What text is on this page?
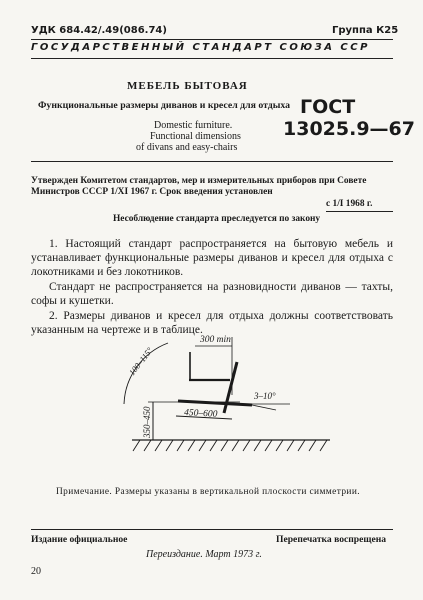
УДК 684.42/.49(086.74)	Группа К25
ГОСУДАРСТВЕННЫЙ СТАНДАРТ СОЮЗА ССР
МЕБЕЛЬ БЫТОВАЯ
Функциональные размеры диванов и кресел для отдыха
Domestic furniture.
Functional dimensions
of divans and easy-chairs
ГОСТ
13025.9—67
Утвержден Комитетом стандартов, мер и измерительных приборов при Совете
Министров СССР 1/XI 1967 г. Срок введения установлен
с 1/I 1968 г.
Несоблюдение стандарта преследуется по закону
1. Настоящий стандарт распространяется на бытовую мебель и устанавливает функциональные размеры диванов и кресел для отдыха с локотниками и без локотников.
Стандарт не распространяется на разновидности диванов — тахты, софы и кушетки.
2. Размеры диванов и кресел для отдыха должны соответствовать указанным на чертеже и в таблице.
350–450	450–600
300 min
100–115°
3–10°
Примечание. Размеры указаны в вертикальной плоскости симметрии.
Издание официальное	Перепечатка воспрещена
Переиздание. Март 1973 г.
20
